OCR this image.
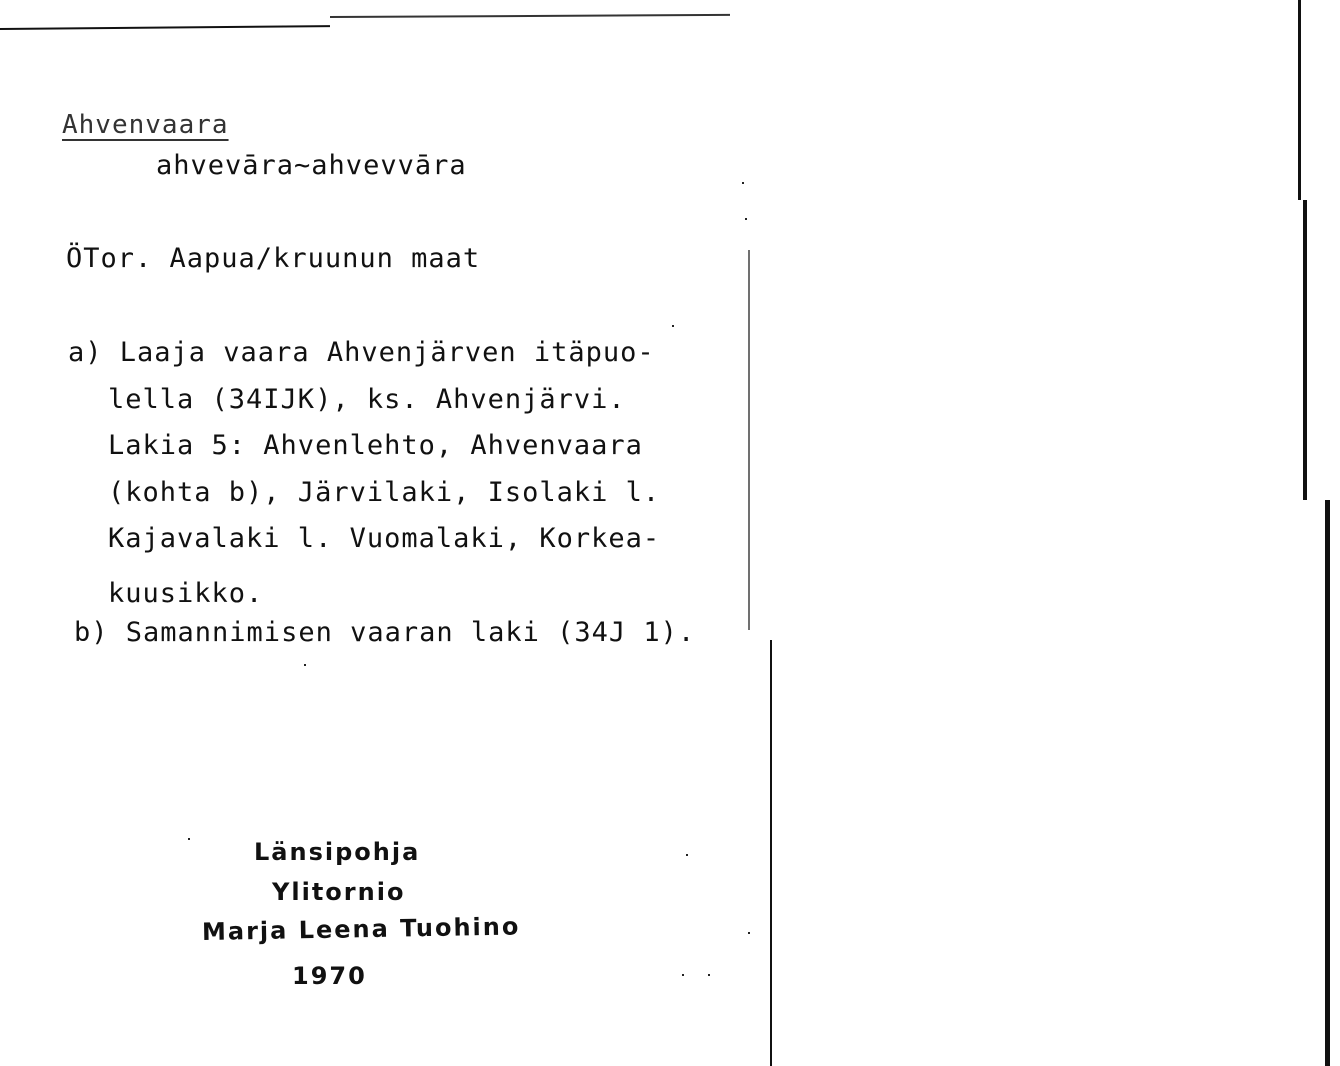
Ahvenvaara
ahvevāra~ahvevvāra
ÖTor. Aapua/kruunun maat
a) Laaja vaara Ahvenjärven itäpuo-
lella (34IJK), ks. Ahvenjärvi.
Lakia 5: Ahvenlehto, Ahvenvaara
(kohta b), Järvilaki, Isolaki l.
Kajavalaki l. Vuomalaki, Korkea-
kuusikko.
b) Samannimisen vaaran laki (34J 1).
Länsipohja
Ylitornio
Marja Leena Tuohino
1970
